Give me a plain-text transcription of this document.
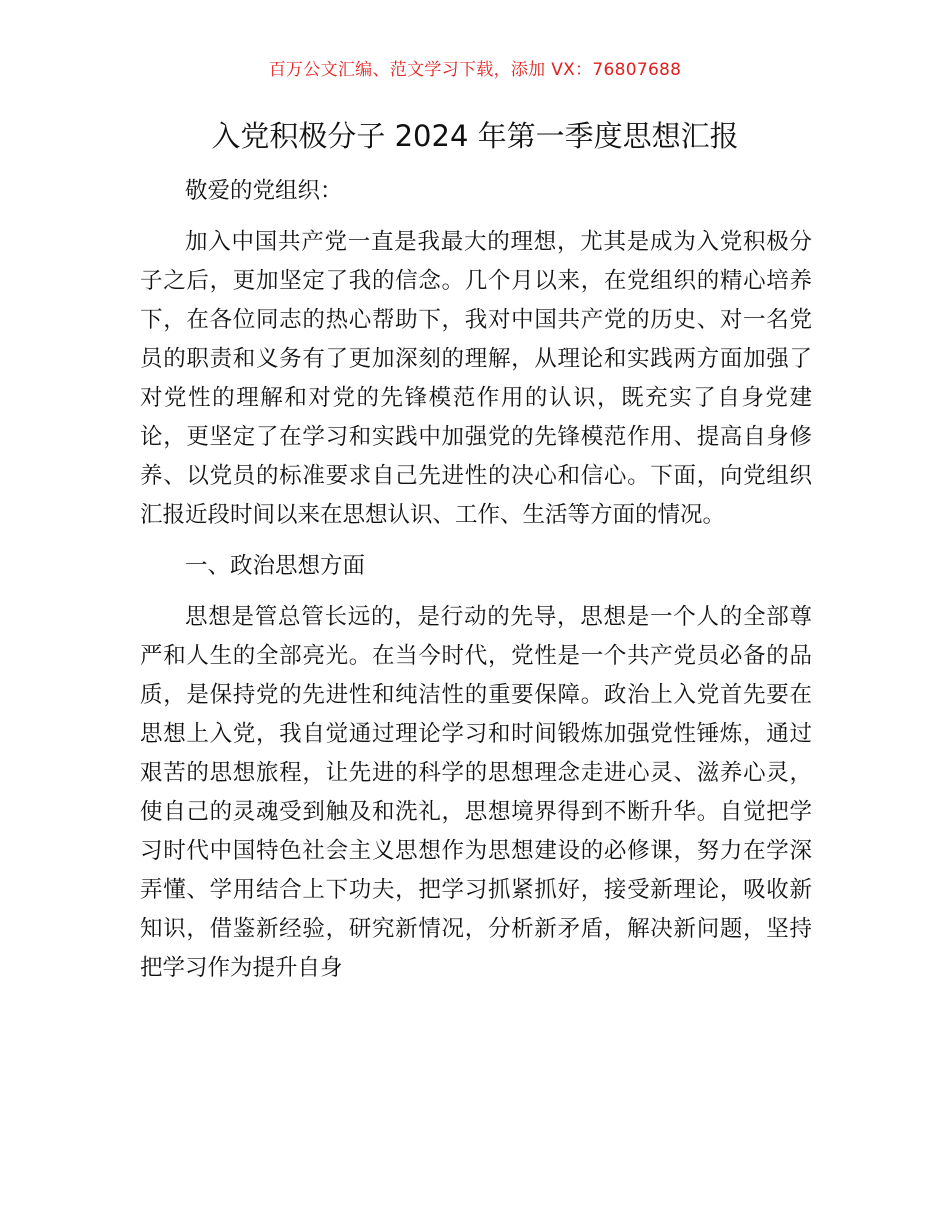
百万公文汇编、范文学习下载，添加 VX：76807688
入党积极分子 2024 年第一季度思想汇报

敬爱的党组织：

加入中国共产党一直是我最大的理想，尤其是成为入党积极分子之后，更加坚定了我的信念。几个月以来，在党组织的精心培养下，在各位同志的热心帮助下，我对中国共产党的历史、对一名党员的职责和义务有了更加深刻的理解，从理论和实践两方面加强了对党性的理解和对党的先锋模范作用的认识，既充实了自身党建论，更坚定了在学习和实践中加强党的先锋模范作用、提高自身修养、以党员的标准要求自己先进性的决心和信心。下面，向党组织汇报近段时间以来在思想认识、工作、生活等方面的情况。

一、政治思想方面

思想是管总管长远的，是行动的先导，思想是一个人的全部尊严和人生的全部亮光。在当今时代，党性是一个共产党员必备的品质，是保持党的先进性和纯洁性的重要保障。政治上入党首先要在思想上入党，我自觉通过理论学习和时间锻炼加强党性锤炼，通过艰苦的思想旅程，让先进的科学的思想理念走进心灵、滋养心灵，使自己的灵魂受到触及和洗礼，思想境界得到不断升华。自觉把学习时代中国特色社会主义思想作为思想建设的必修课，努力在学深弄懂、学用结合上下功夫，把学习抓紧抓好，接受新理论，吸收新知识，借鉴新经验，研究新情况，分析新矛盾，解决新问题，坚持把学习作为提升自身
